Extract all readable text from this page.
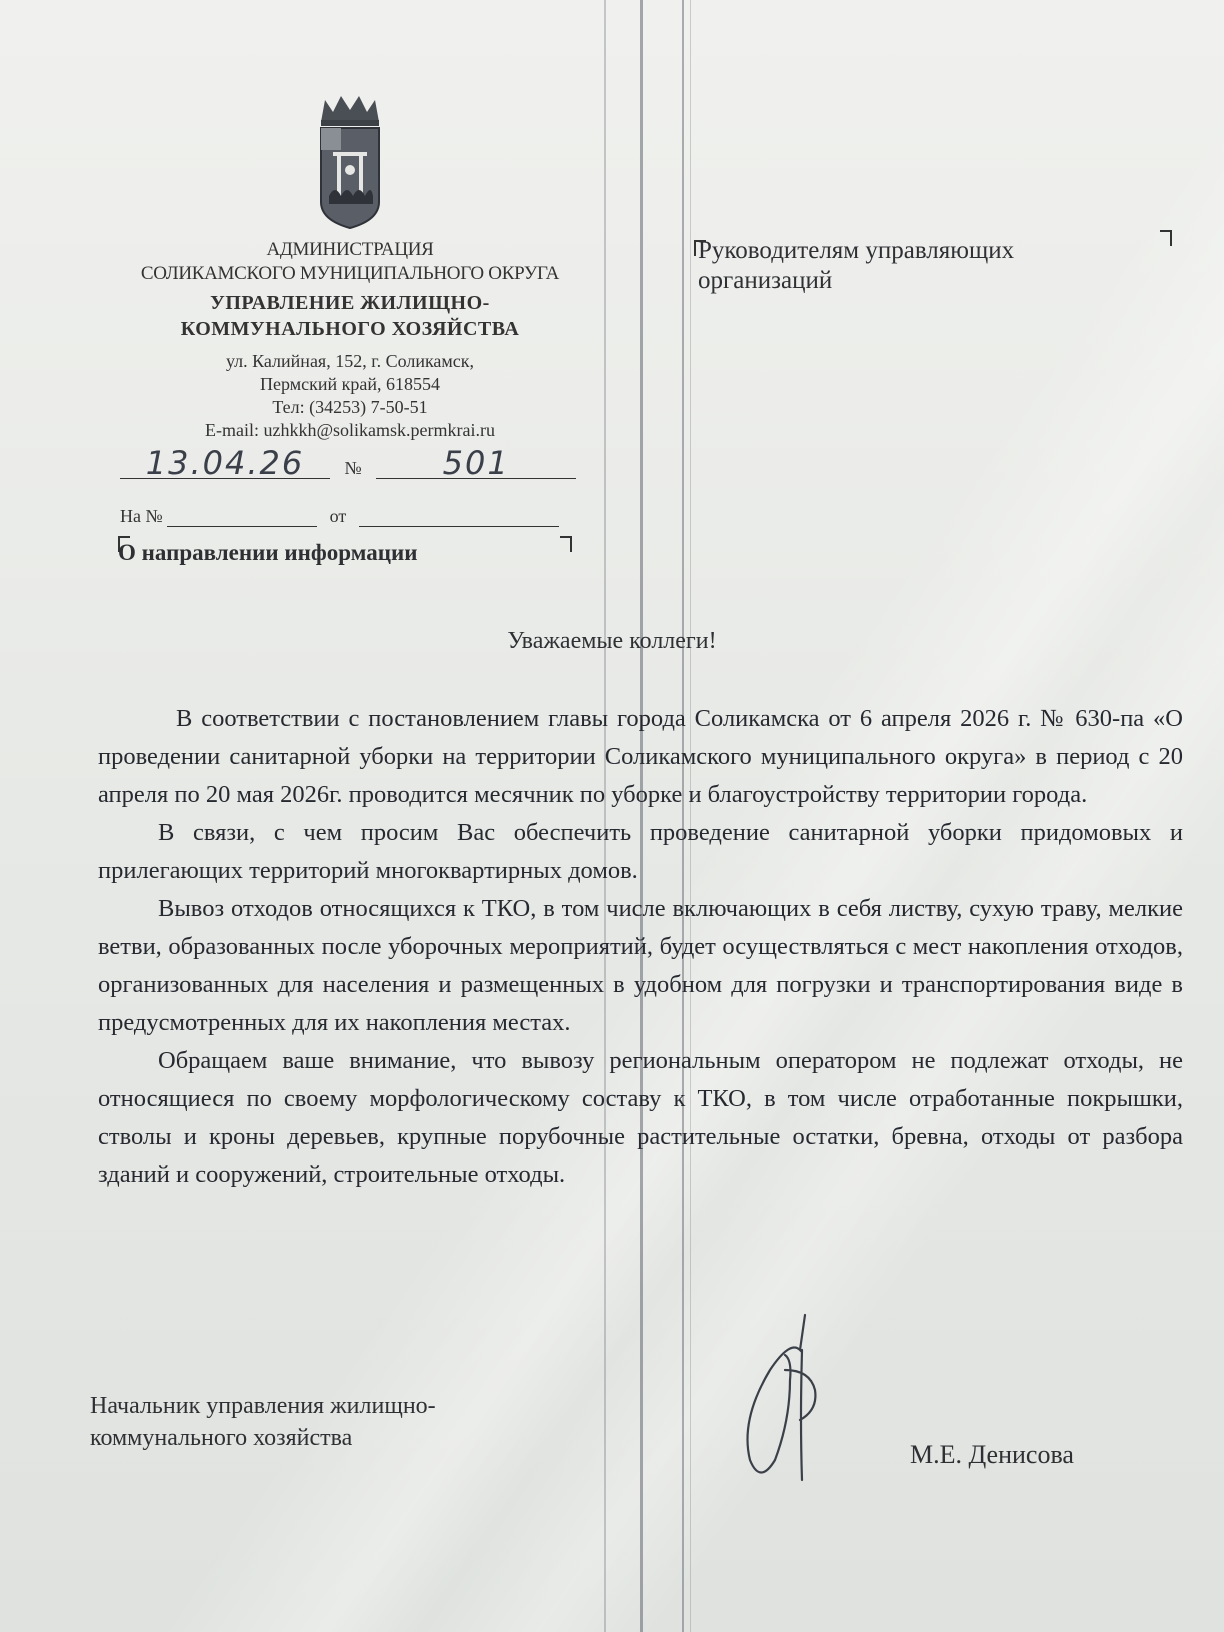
АДМИНИСТРАЦИЯ
СОЛИКАМСКОГО МУНИЦИПАЛЬНОГО ОКРУГА
УПРАВЛЕНИЕ ЖИЛИЩНО-
КОММУНАЛЬНОГО ХОЗЯЙСТВА
ул. Калийная, 152, г. Соликамск,
Пермский край, 618554
Тел: (34253) 7-50-51
E-mail: uzhkkh@solikamsk.permkrai.ru
13.04.26 №	501
На №	от
О направлении информации
Руководителям управляющих организаций
Уважаемые коллеги!

В соответствии с постановлением главы города Соликамска от 6 апреля 2026 г. № 630-па «О проведении санитарной уборки на территории Соликамского муниципального округа» в период с 20 апреля по 20 мая 2026г. проводится месячник по уборке и благоустройству территории города.

В связи, с чем просим Вас обеспечить проведение санитарной уборки придомовых и прилегающих территорий многоквартирных домов.

Вывоз отходов относящихся к ТКО, в том числе включающих в себя листву, сухую траву, мелкие ветви, образованных после уборочных мероприятий, будет осуществляться с мест накопления отходов, организованных для населения и размещенных в удобном для погрузки и транспортирования виде в предусмотренных для их накопления местах.

Обращаем ваше внимание, что вывозу региональным оператором не подлежат отходы, не относящиеся по своему морфологическому составу к ТКО, в том числе отработанные покрышки, стволы и кроны деревьев, крупные порубочные растительные остатки, бревна, отходы от разбора зданий и сооружений, строительные отходы.

Начальник управления жилищно-
коммунального хозяйства
М.Е. Денисова
